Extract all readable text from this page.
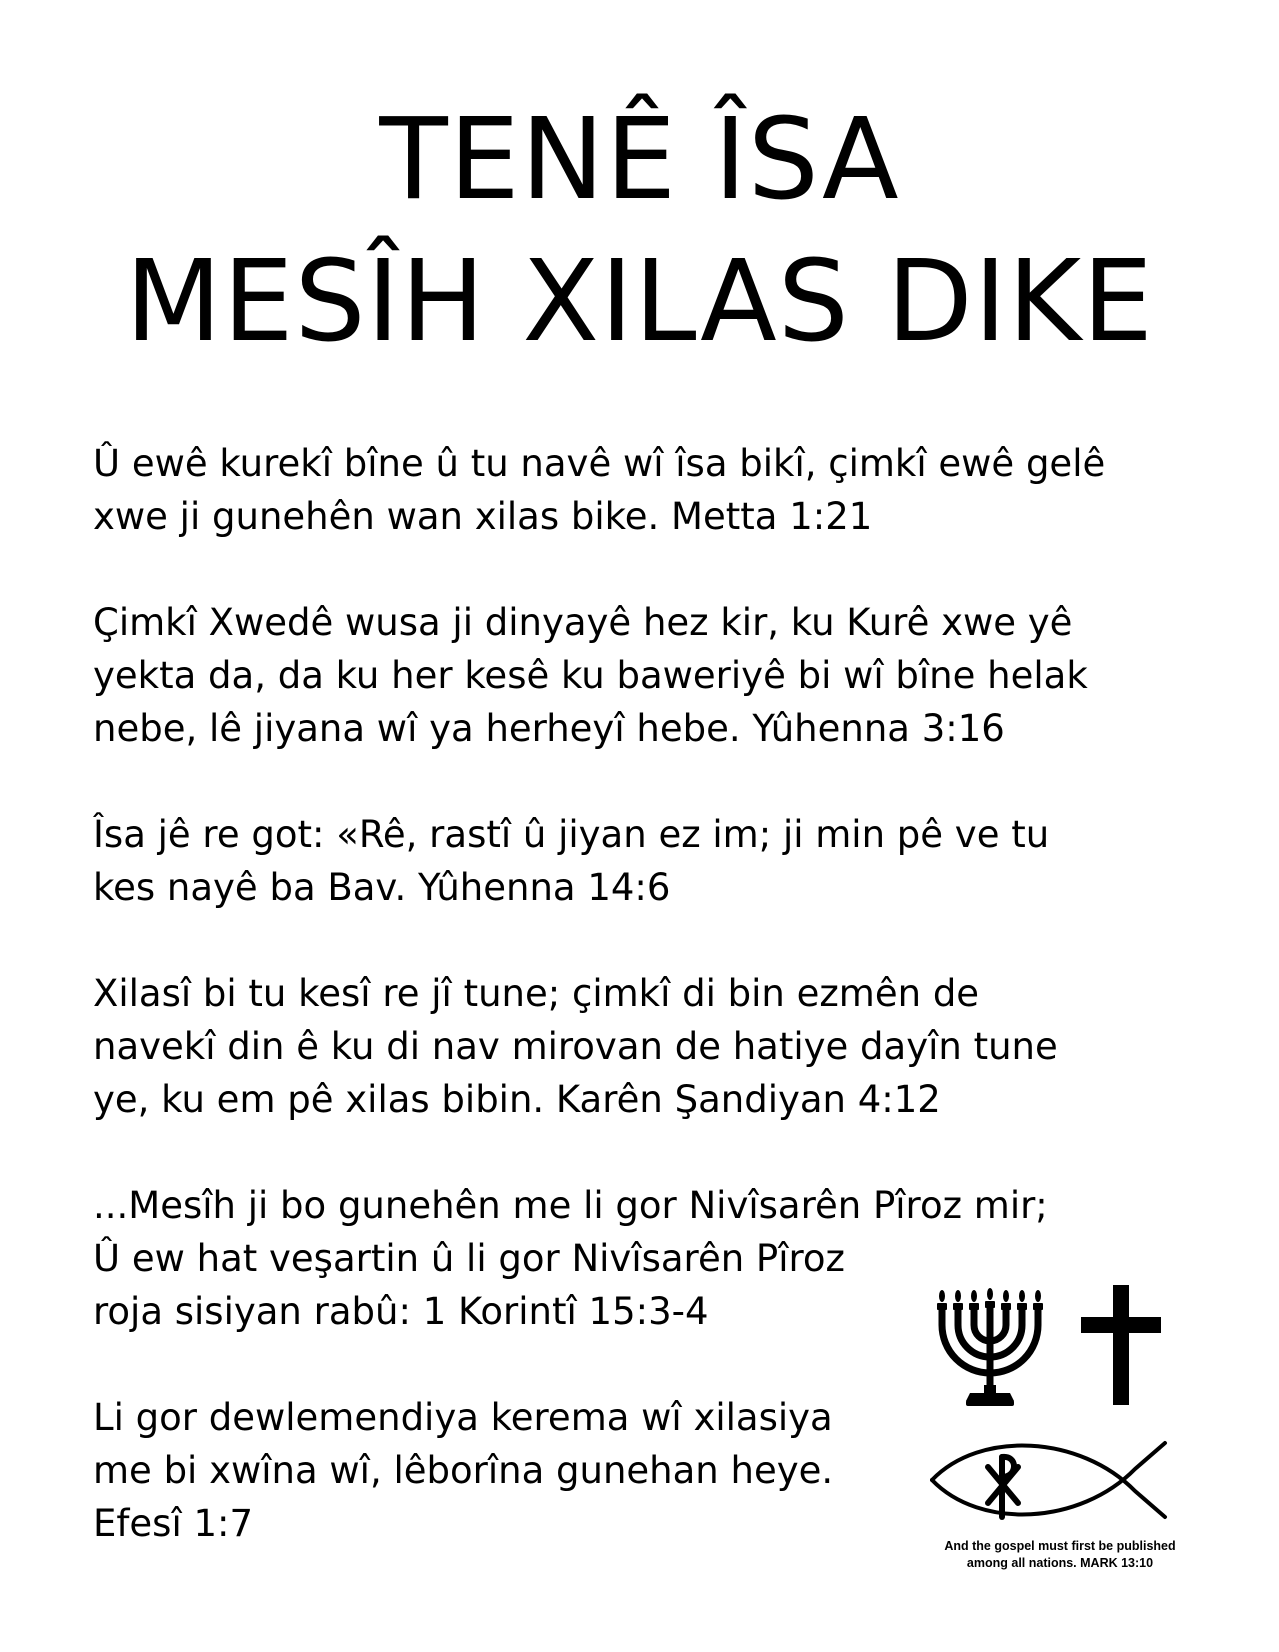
TENÊ ÎSA
MESÎH XILAS DIKE

Û ewê kurekî bîne û tu navê wî îsa bikî, çimkî ewê gelê
xwe ji gunehên wan xilas bike. Metta 1:21

Çimkî Xwedê wusa ji dinyayê hez kir, ku Kurê xwe yê
yekta da, da ku her kesê ku baweriyê bi wî bîne helak
nebe, lê jiyana wî ya herheyî hebe. Yûhenna 3:16

Îsa jê re got: «Rê, rastî û jiyan ez im; ji min pê ve tu
kes nayê ba Bav. Yûhenna 14:6

Xilasî bi tu kesî re jî tune; çimkî di bin ezmên de
navekî din ê ku di nav mirovan de hatiye dayîn tune
ye, ku em pê xilas bibin. Karên Şandiyan 4:12

...Mesîh ji bo gunehên me li gor Nivîsarên Pîroz mir;
Û ew hat veşartin û li gor Nivîsarên Pîroz
roja sisiyan rabû: 1 Korintî 15:3-4

Li gor dewlemendiya kerema wî xilasiya
me bi xwîna wî, lêborîna gunehan heye.
Efesî 1:7

And the gospel must first be published
among all nations. MARK 13:10
